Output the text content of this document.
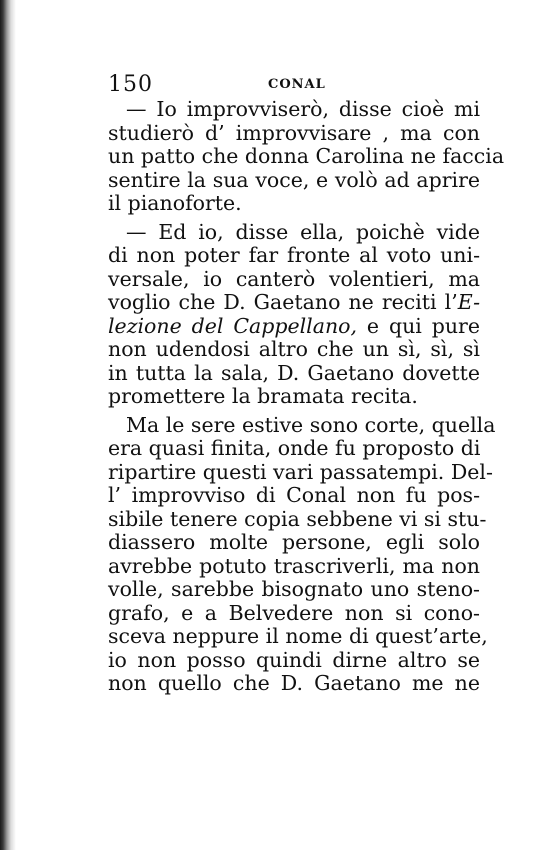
150	CONAL
— Io improvviserò, disse cioè mi
studierò d’ improvvisare , ma con
un patto che donna Carolina ne faccia
sentire la sua voce, e volò ad aprire
il pianoforte.
— Ed io, disse ella, poichè vide
di non poter far fronte al voto uni-
versale, io canterò volentieri, ma
voglio che D. Gaetano ne reciti l’E-
lezione del Cappellano, e qui pure
non udendosi altro che un sì, sì, sì
in tutta la sala, D. Gaetano dovette
promettere la bramata recita.
Ma le sere estive sono corte, quella
era quasi finita, onde fu proposto di
ripartire questi vari passatempi. Del-
l’ improvviso di Conal non fu pos-
sibile tenere copia sebbene vi si stu-
diassero molte persone, egli solo
avrebbe potuto trascriverli, ma non
volle, sarebbe bisognato uno steno-
grafo, e a Belvedere non si cono-
sceva neppure il nome di quest’arte,
io non posso quindi dirne altro se
non quello che D. Gaetano me ne
